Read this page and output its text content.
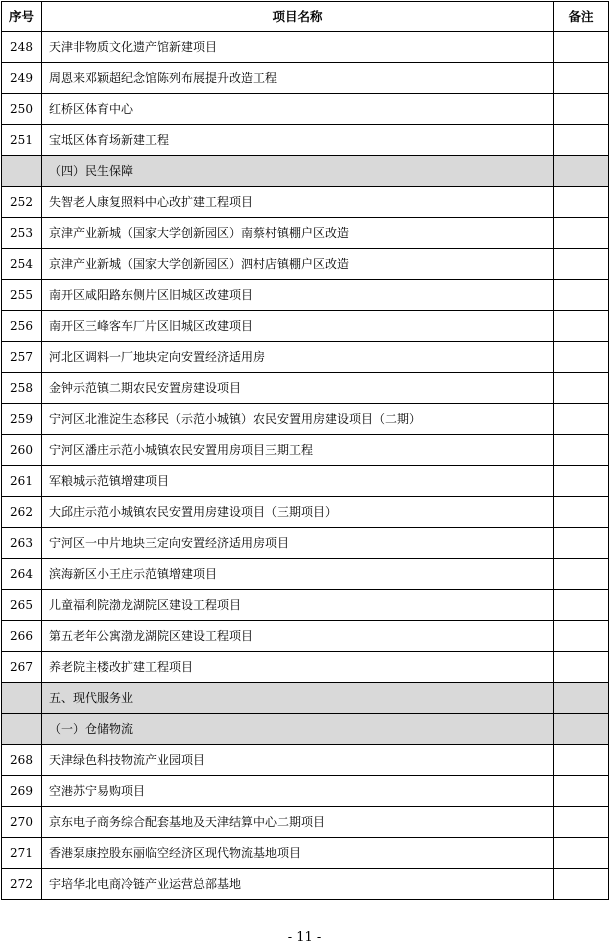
序号	项目名称	备注
248	天津非物质文化遗产馆新建项目	
249	周恩来邓颖超纪念馆陈列布展提升改造工程	
250	红桥区体育中心	
251	宝坻区体育场新建工程	
	（四）民生保障	
252	失智老人康复照料中心改扩建工程项目	
253	京津产业新城（国家大学创新园区）南蔡村镇棚户区改造	
254	京津产业新城（国家大学创新园区）泗村店镇棚户区改造	
255	南开区咸阳路东侧片区旧城区改建项目	
256	南开区三峰客车厂片区旧城区改建项目	
257	河北区调料一厂地块定向安置经济适用房	
258	金钟示范镇二期农民安置房建设项目	
259	宁河区北淮淀生态移民（示范小城镇）农民安置用房建设项目（二期）	
260	宁河区潘庄示范小城镇农民安置用房项目三期工程	
261	军粮城示范镇增建项目	
262	大邱庄示范小城镇农民安置用房建设项目（三期项目）	
263	宁河区一中片地块三定向安置经济适用房项目	
264	滨海新区小王庄示范镇增建项目	
265	儿童福利院渤龙湖院区建设工程项目	
266	第五老年公寓渤龙湖院区建设工程项目	
267	养老院主楼改扩建工程项目	
	五、现代服务业	
	（一）仓储物流	
268	天津绿色科技物流产业园项目	
269	空港苏宁易购项目	
270	京东电子商务综合配套基地及天津结算中心二期项目	
271	香港泵康控股东丽临空经济区现代物流基地项目	
272	宇培华北电商冷链产业运营总部基地	
- 11 -
